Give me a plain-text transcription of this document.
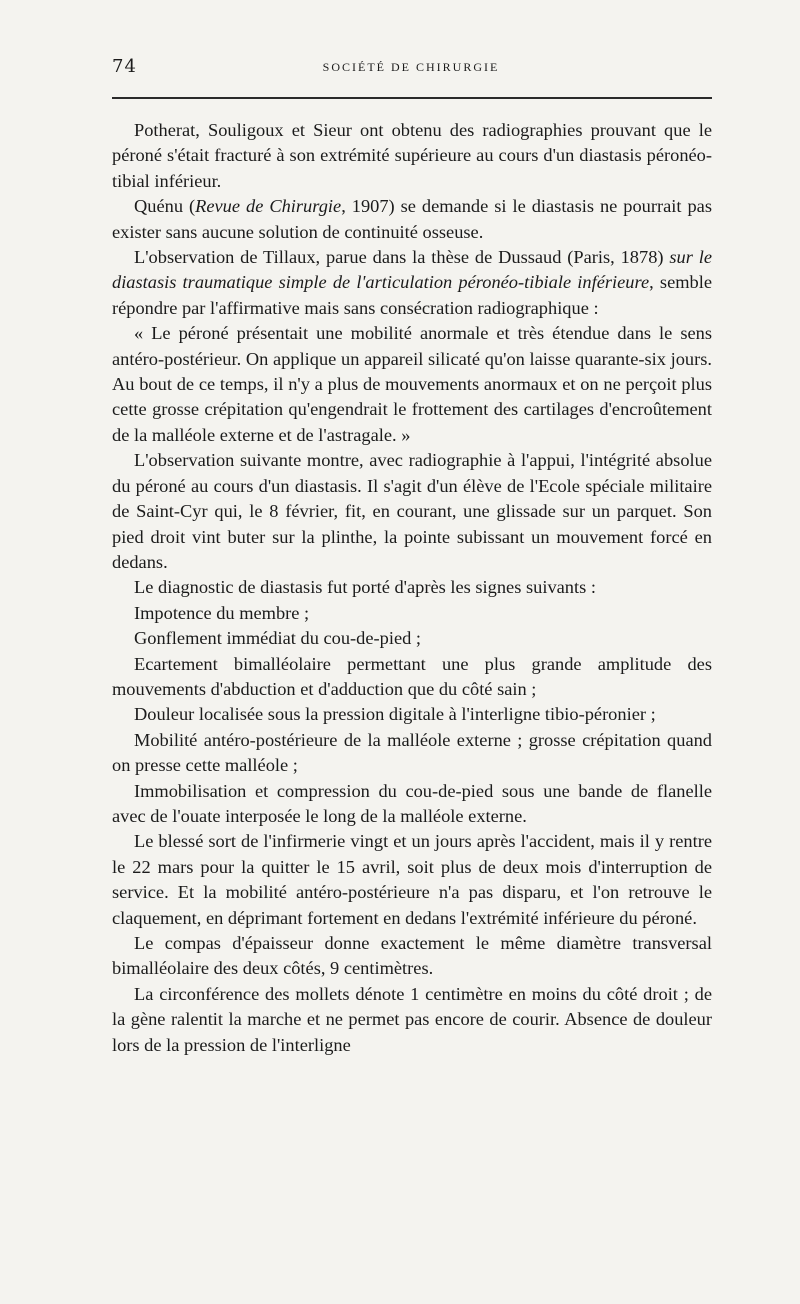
74	SOCIÉTÉ DE CHIRURGIE

Potherat, Souligoux et Sieur ont obtenu des radiographies prouvant que le péroné s'était fracturé à son extrémité supérieure au cours d'un diastasis péronéo-tibial inférieur.

Quénu (Revue de Chirurgie, 1907) se demande si le diastasis ne pourrait pas exister sans aucune solution de continuité osseuse.

L'observation de Tillaux, parue dans la thèse de Dussaud (Paris, 1878) sur le diastasis traumatique simple de l'articulation péronéo-tibiale inférieure, semble répondre par l'affirmative mais sans consécration radiographique :

« Le péroné présentait une mobilité anormale et très étendue dans le sens antéro-postérieur. On applique un appareil silicaté qu'on laisse quarante-six jours. Au bout de ce temps, il n'y a plus de mouvements anormaux et on ne perçoit plus cette grosse crépitation qu'engendrait le frottement des cartilages d'encroûtement de la malléole externe et de l'astragale. »

L'observation suivante montre, avec radiographie à l'appui, l'intégrité absolue du péroné au cours d'un diastasis. Il s'agit d'un élève de l'Ecole spéciale militaire de Saint-Cyr qui, le 8 février, fit, en courant, une glissade sur un parquet. Son pied droit vint buter sur la plinthe, la pointe subissant un mouvement forcé en dedans.

Le diagnostic de diastasis fut porté d'après les signes suivants :

Impotence du membre ;

Gonflement immédiat du cou-de-pied ;

Ecartement bimalléolaire permettant une plus grande amplitude des mouvements d'abduction et d'adduction que du côté sain ;

Douleur localisée sous la pression digitale à l'interligne tibio-péronier ;

Mobilité antéro-postérieure de la malléole externe ; grosse crépitation quand on presse cette malléole ;

Immobilisation et compression du cou-de-pied sous une bande de flanelle avec de l'ouate interposée le long de la malléole externe.

Le blessé sort de l'infirmerie vingt et un jours après l'accident, mais il y rentre le 22 mars pour la quitter le 15 avril, soit plus de deux mois d'interruption de service. Et la mobilité antéro-postérieure n'a pas disparu, et l'on retrouve le claquement, en déprimant fortement en dedans l'extrémité inférieure du péroné.

Le compas d'épaisseur donne exactement le même diamètre transversal bimalléolaire des deux côtés, 9 centimètres.

La circonférence des mollets dénote 1 centimètre en moins du côté droit ; de la gène ralentit la marche et ne permet pas encore de courir. Absence de douleur lors de la pression de l'interligne
